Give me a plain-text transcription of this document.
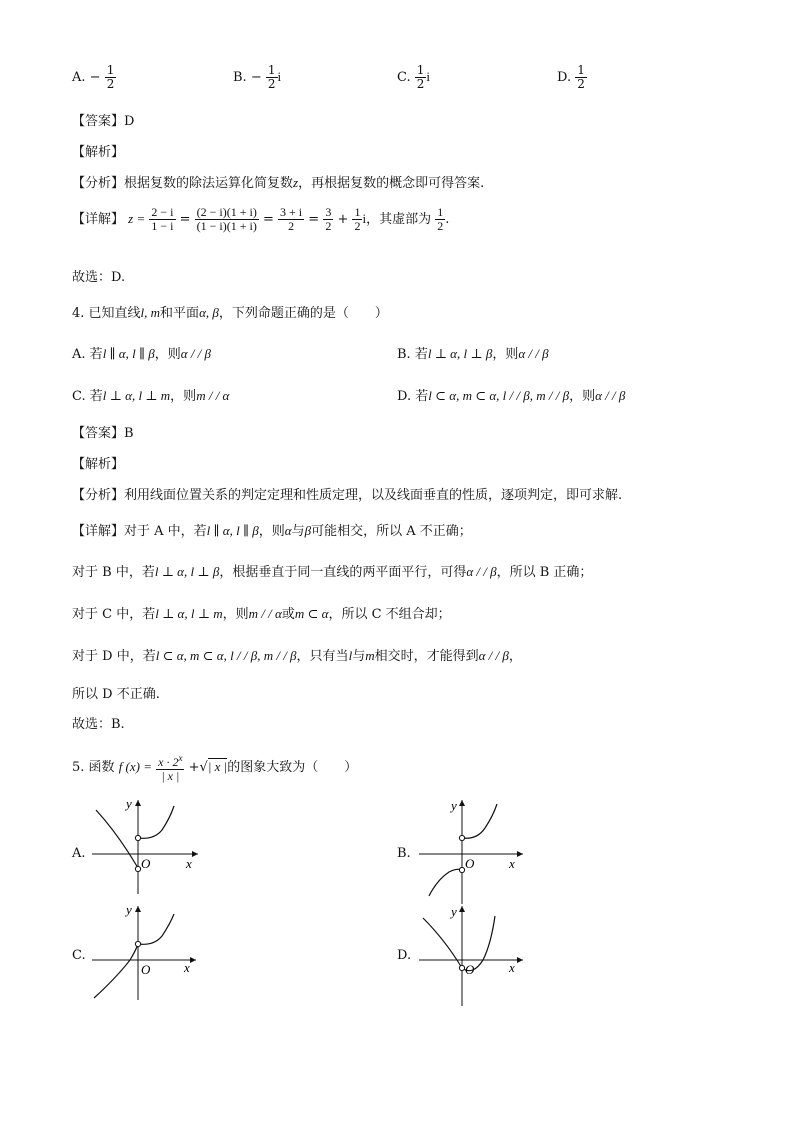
A. − $\frac{1}{2}$	B. − $\frac{1}{2}$ i	C. $\frac{1}{2}$ i	D. $\frac{1}{2}$
【答案】D
【解析】
【分析】根据复数的除法运算化简复数z，再根据复数的概念即可得答案.
【详解】 $z = \frac{2 - i}{1 - i} = \frac{(2 - i)(1 + i)}{(1 - i)(1 + i)} = \frac{3 + i}{2} = \frac{3}{2} + \frac{1}{2}$ i，其虚部为 $\frac{1}{2}$ .
故选：D.
4. 已知直线l, m和平面α, β，下列命题正确的是（　　）
A. 若l ∥ α, l ∥ β，则α / / β	B. 若l ⊥ α, l ⊥ β，则α / / β
C. 若l ⊥ α, l ⊥ m，则m / / α	D. 若l ⊂ α, m ⊂ α, l / / β, m / / β，则α / / β
【答案】B
【解析】
【分析】利用线面位置关系的判定定理和性质定理，以及线面垂直的性质，逐项判定，即可求解.
【详解】对于 A 中，若l ∥ α, l ∥ β，则α与β可能相交，所以 A 不正确；
对于 B 中，若l ⊥ α, l ⊥ β，根据垂直于同一直线的两平面平行，可得α / / β，所以 B 正确；
对于 C 中，若l ⊥ α, l ⊥ m，则m / / α或m ⊂ α，所以 C 不组合却；
对于 D 中，若l ⊂ α, m ⊂ α, l / / β, m / / β，只有当l与m相交时，才能得到α / / β，
所以 D 不正确.
故选：B.
5. 函数 f $(x) = \frac{x \cdot 2^x}{| x |}$ +√| x |的图象大致为（　　）
A.
y
x
O
B.
y
x
O
C.
y
x
O
D.
y
x
O
